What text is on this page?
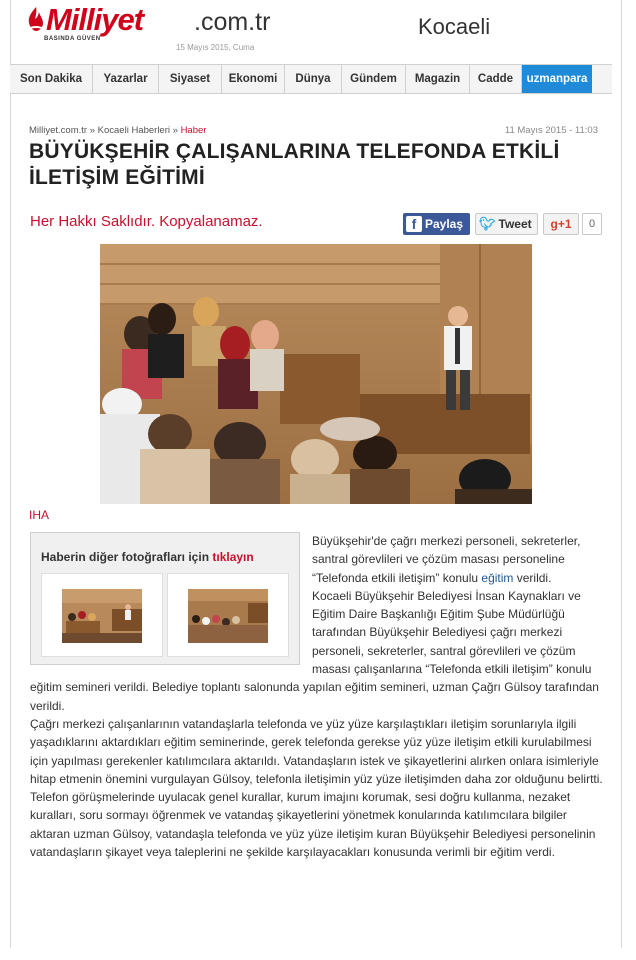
Milliyet .com.tr
BASINDA GÜVEN
15 Mayıs 2015, Cuma
Kocaeli
Son Dakika	Yazarlar	Siyaset	Ekonomi	Dünya	Gündem	Magazin	Cadde	uzmanpara
Milliyet.com.tr » Kocaeli Haberleri » Haber	11 Mayıs 2015 - 11:03
BÜYÜKŞEHİR ÇALIŞANLARINA TELEFONDA ETKİLİ İLETİŞİM EĞİTİMİ
Her Hakkı Saklıdır. Kopyalanamaz.	f Paylaş 🐦︎ Tweet	g+1	0
IHA
Haberin diğer fotoğrafları için tıklayın

Büyükşehir'de çağrı merkezi personeli, sekreterler, santral görevlileri ve çözüm masası personeline “Telefonda etkili iletişim” konulu eğitim verildi.

Kocaeli Büyükşehir Belediyesi İnsan Kaynakları ve Eğitim Daire Başkanlığı Eğitim Şube Müdürlüğü tarafından Büyükşehir Belediyesi çağrı merkezi personeli, sekreterler, santral görevlileri ve çözüm masası çalışanlarına “Telefonda etkili iletişim” konulu eğitim semineri verildi. Belediye toplantı salonunda yapılan eğitim semineri, uzman Çağrı Gülsoy tarafından verildi.

Çağrı merkezi çalışanlarının vatandaşlarla telefonda ve yüz yüze karşılaştıkları iletişim sorunlarıyla ilgili yaşadıklarını aktardıkları eğitim seminerinde, gerek telefonda gerekse yüz yüze iletişim etkili kurulabilmesi için yapılması gerekenler katılımcılara aktarıldı. Vatandaşların istek ve şikayetlerini alırken onlara isimleriyle hitap etmenin önemini vurgulayan Gülsoy, telefonla iletişimin yüz yüze iletişimden daha zor olduğunu belirtti.

Telefon görüşmelerinde uyulacak genel kurallar, kurum imajını korumak, sesi doğru kullanma, nezaket kuralları, soru sormayı öğrenmek ve vatandaş şikayetlerini yönetmek konularında katılımcılara bilgiler aktaran uzman Gülsoy, vatandaşla telefonda ve yüz yüze iletişim kuran Büyükşehir Belediyesi personelinin vatandaşların şikayet veya taleplerini ne şekilde karşılayacakları konusunda verimli bir eğitim verdi.
